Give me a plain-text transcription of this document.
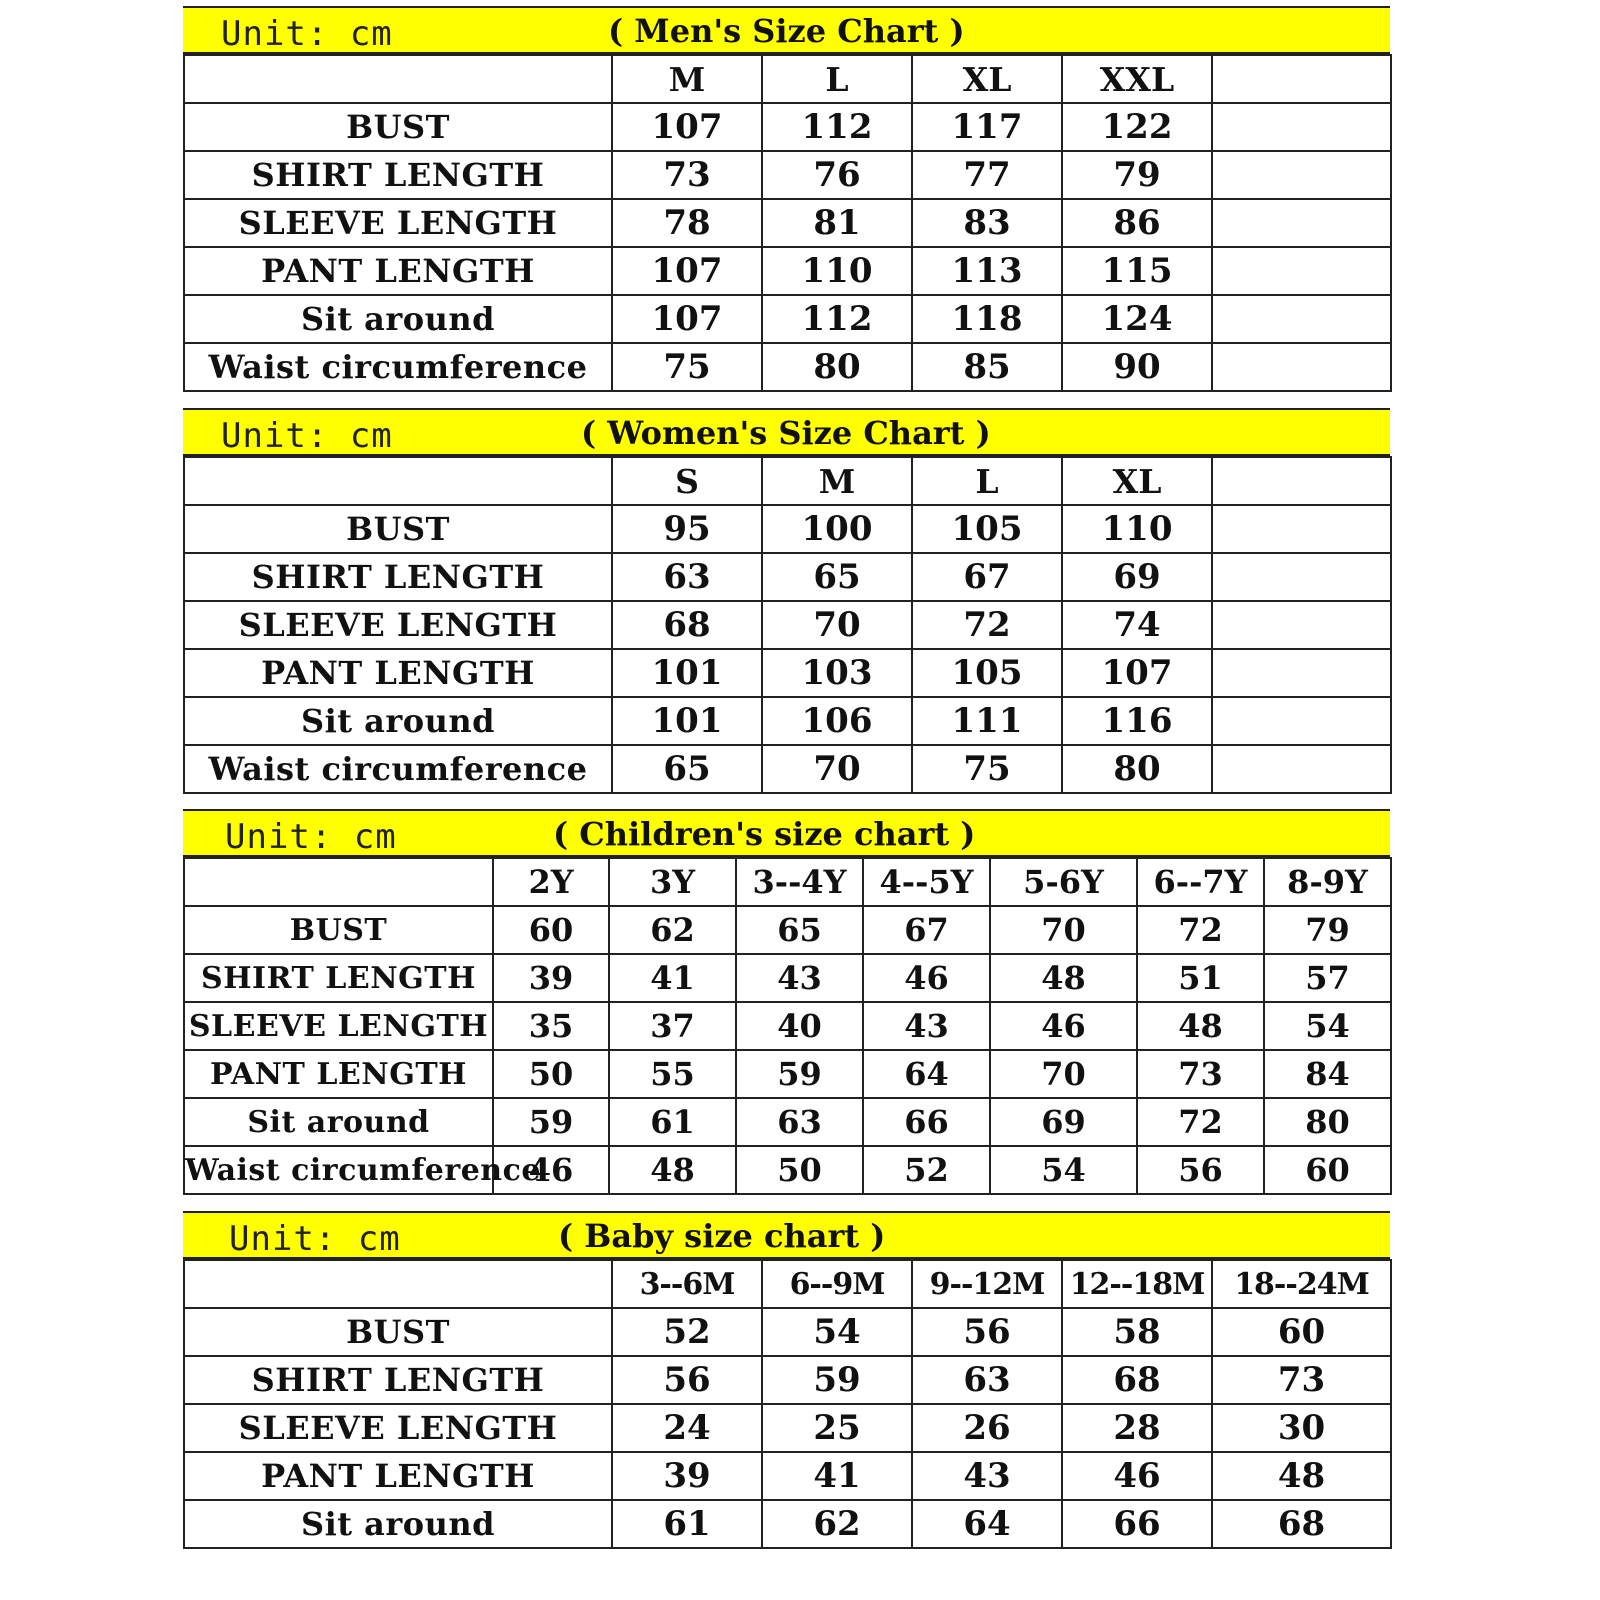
Unit: cm	( Men's Size Chart )
	M	L	XL	XXL	
BUST	107	112	117	122	
SHIRT LENGTH	73	76	77	79	
SLEEVE LENGTH	78	81	83	86	
PANT LENGTH	107	110	113	115	
Sit around	107	112	118	124	
Waist circumference	75	80	85	90	
Unit: cm	( Women's Size Chart )
	S	M	L	XL	
BUST	95	100	105	110	
SHIRT LENGTH	63	65	67	69	
SLEEVE LENGTH	68	70	72	74	
PANT LENGTH	101	103	105	107	
Sit around	101	106	111	116	
Waist circumference	65	70	75	80	
Unit: cm	( Children's size chart )
	2Y	3Y	3--4Y	4--5Y	5-6Y	6--7Y	8-9Y
BUST	60	62	65	67	70	72	79
SHIRT LENGTH	39	41	43	46	48	51	57
SLEEVE LENGTH	35	37	40	43	46	48	54
PANT LENGTH	50	55	59	64	70	73	84
Sit around	59	61	63	66	69	72	80
Waist circumference	46	48	50	52	54	56	60
Unit: cm	( Baby size chart )
	3--6M	6--9M	9--12M	12--18M	18--24M
BUST	52	54	56	58	60
SHIRT LENGTH	56	59	63	68	73
SLEEVE LENGTH	24	25	26	28	30
PANT LENGTH	39	41	43	46	48
Sit around	61	62	64	66	68
